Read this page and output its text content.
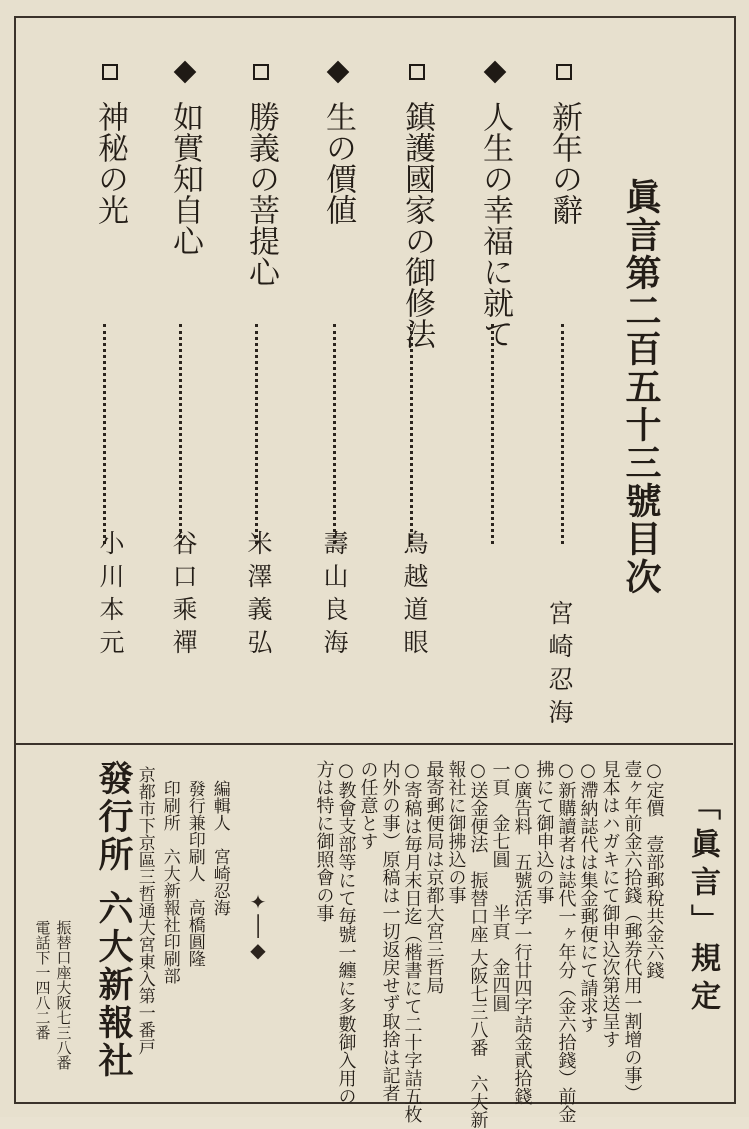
眞言第二百五十三號目次
新年の辭
宮崎忍海
人生の幸福に就て
鎮護國家の御修法
鳥越道眼
生の價値
壽山良海
勝義の菩提心
米澤義弘
如實知自心
谷口乘禪
神秘の光
小川本元
「眞言」規定
○定價　壹部郵稅共金六錢
壹ヶ年前金六拾錢（郵券代用一割增の事）
見本はハガキにて御申込次第送呈す
○滯納誌代は集金郵便にて請求す
○新購讀者は誌代一ヶ年分（金六拾錢）前金
拂にて御申込の事
○廣告料　五號活字一行廿四字詰金貳拾錢
一頁　金七圓　　半頁　金四圓
○送金便法　振替口座 大阪七三八番　六大新
報社に御拂込の事
最寄郵便局は京都大宮三哲局
○寄稿は毎月末日迄（楷書にて二十字詰五枚
内外の事）原稿は一切返戻せず取捨は記者
の任意とす
○教會支部等にて毎號一纏に多數御入用の
方は特に御照會の事
✦
│
◆
編輯人　宮崎忍海
發行兼印刷人　高橋圓隆
印刷所　六大新報社印刷部
京都市下京區三哲通大宮東入第一番戸
發行所
六大新報社
振替口座大阪七三八番
電話下一四八二番
